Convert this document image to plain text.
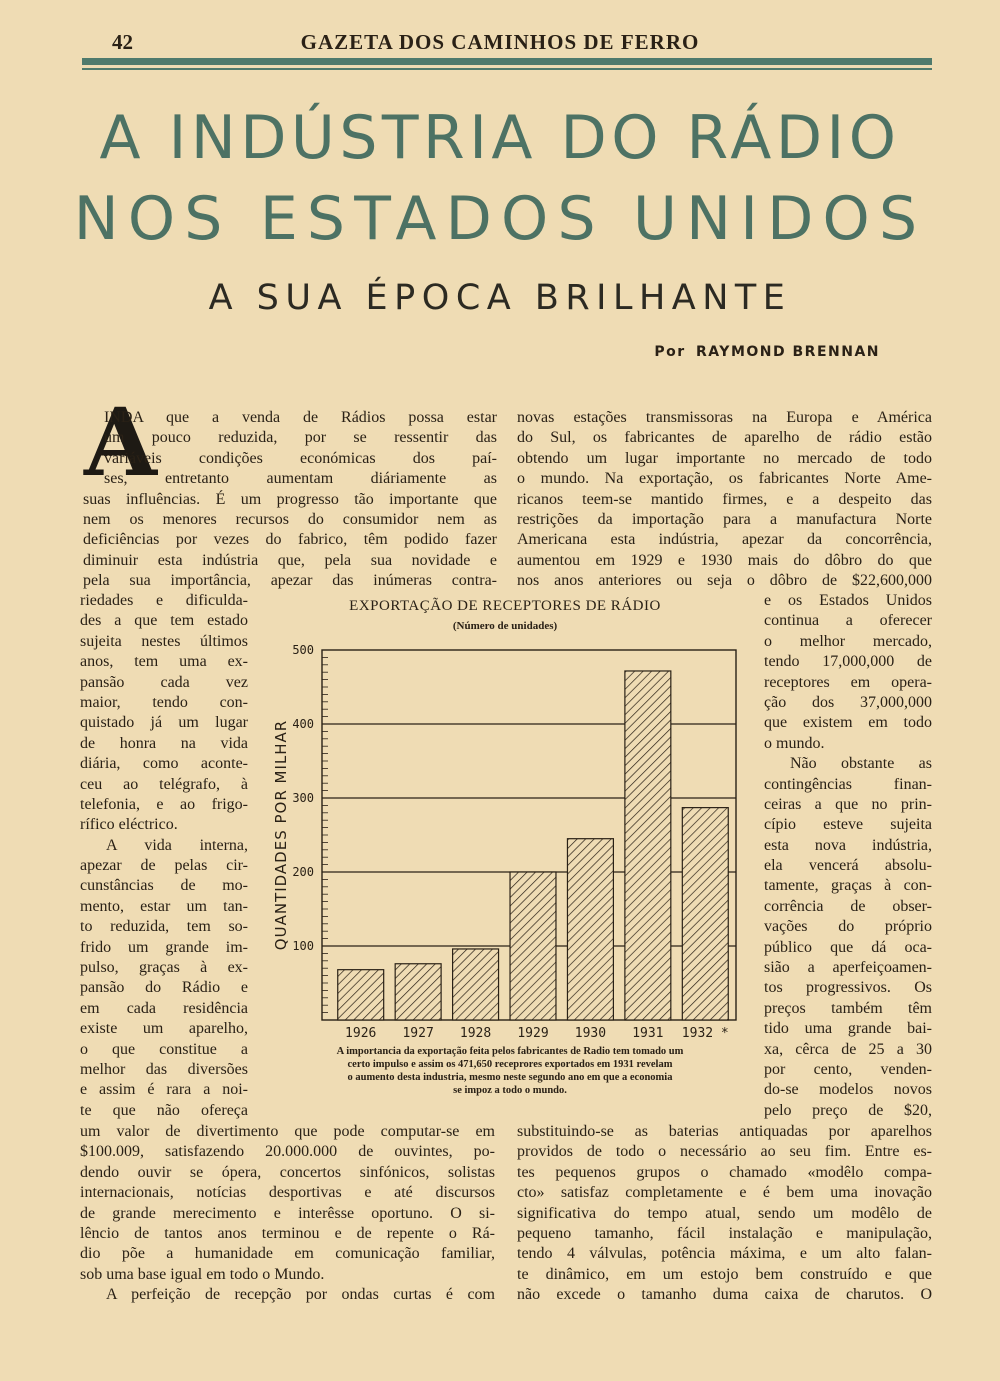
42	GAZETA DOS CAMINHOS DE FERRO
A INDÚSTRIA DO RÁDIO
NOS ESTADOS UNIDOS
A SUA ÉPOCA BRILHANTE
Por RAYMOND BRENNAN
A
INDA que a venda de Rádios possa estar
um pouco reduzida, por se ressentir das
variáveis condições económicas dos paí-
ses, entretanto aumentam diáriamente as
suas influências. É um progresso tão importante que
nem os menores recursos do consumidor nem as
deficiências por vezes do fabrico, têm podido fazer
diminuir esta indústria que, pela sua novidade e
pela sua importância, apezar das inúmeras contra-
riedades e dificulda-
des a que tem estado
sujeita nestes últimos
anos, tem uma ex-
pansão cada vez
maior, tendo con-
quistado já um lugar
de honra na vida
diária, como aconte-
ceu ao telégrafo, à
telefonia, e ao frigo-
rífico eléctrico.
A vida interna,
apezar de pelas cir-
cunstâncias de mo-
mento, estar um tan-
to reduzida, tem so-
frido um grande im-
pulso, graças à ex-
pansão do Rádio e
em cada residência
existe um aparelho,
o que constitue a
melhor das diversões
e assim é rara a noi-
te que não ofereça
um valor de divertimento que pode computar-se em
$100.009, satisfazendo 20.000.000 de ouvintes, po-
dendo ouvir se ópera, concertos sinfónicos, solistas
internacionais, notícias desportivas e até discursos
de grande merecimento e interêsse oportuno. O si-
lêncio de tantos anos terminou e de repente o Rá-
dio põe a humanidade em comunicação familiar,
sob uma base igual em todo o Mundo.
A perfeição de recepção por ondas curtas é com
novas estações transmissoras na Europa e América
do Sul, os fabricantes de aparelho de rádio estão
obtendo um lugar importante no mercado de todo
o mundo. Na exportação, os fabricantes Norte Ame-
ricanos teem-se mantido firmes, e a despeito das
restrições da importação para a manufactura Norte
Americana esta indústria, apezar da concorrência,
aumentou em 1929 e 1930 mais do dôbro do que
nos anos anteriores ou seja o dôbro de $22,600,000
e os Estados Unidos
continua a oferecer
o melhor mercado,
tendo 17,000,000 de
receptores em opera-
ção dos 37,000,000
que existem em todo
o mundo.
Não obstante as
contingências finan-
ceiras a que no prin-
cípio esteve sujeita
esta nova indústria,
ela vencerá absolu-
tamente, graças à con-
corrência de obser-
vações do próprio
público que dá oca-
sião a aperfeiçoamen-
tos progressivos. Os
preços também têm
tido uma grande bai-
xa, cêrca de 25 a 30
por cento, venden-
do-se modelos novos
pelo preço de $20,
substituindo-se as baterias antiquadas por aparelhos
providos de todo o necessário ao seu fim. Entre es-
tes pequenos grupos o chamado «modêlo compa-
cto» satisfaz completamente e é bem uma inovação
significativa do tempo atual, sendo um modêlo de
pequeno tamanho, fácil instalação e manipulação,
tendo 4 válvulas, potência máxima, e um alto falan-
te dinâmico, em um estojo bem construído e que
não excede o tamanho duma caixa de charutos. O
EXPORTAÇÃO DE RECEPTORES DE RÁDIO
(Número de unidades)
100
200
300
400
500
QUANTIDADES POR MILHAR
1926 1927 1928 1929 1930 1931 1932 *
A importancia da exportação feita pelos fabricantes de Radio tem tomado um
certo impulso e assim os 471,650 receprores exportados em 1931 revelam
o aumento desta industria, mesmo neste segundo ano em que a economia
se impoz a todo o mundo.
